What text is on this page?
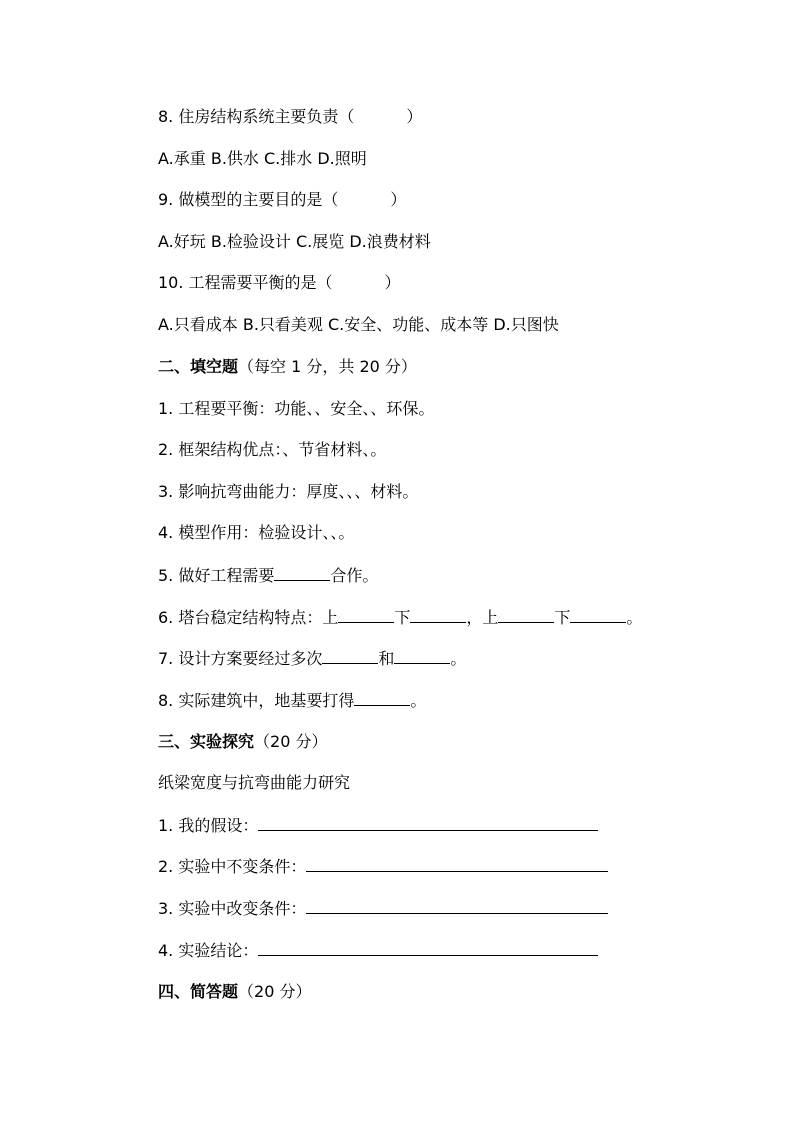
8. 住房结构系统主要负责（	）
A.承重 B.供水 C.排水 D.照明
9. 做模型的主要目的是（	）
A.好玩 B.检验设计 C.展览 D.浪费材料
10. 工程需要平衡的是（	）
A.只看成本 B.只看美观 C.安全、功能、成本等 D.只图快
二、填空题（每空 1 分，共 20 分）
1. 工程要平衡：功能、、安全、、环保。
2. 框架结构优点：、节省材料、。
3. 影响抗弯曲能力：厚度、、、材料。
4. 模型作用：检验设计、、。
5. 做好工程需要	合作。
6. 塔台稳定结构特点：上	下	，上	下	。
7. 设计方案要经过多次	和	。
8. 实际建筑中，地基要打得	。
三、实验探究（20 分）
纸梁宽度与抗弯曲能力研究
1. 我的假设：
2. 实验中不变条件：
3. 实验中改变条件：
4. 实验结论：
四、简答题（20 分）
